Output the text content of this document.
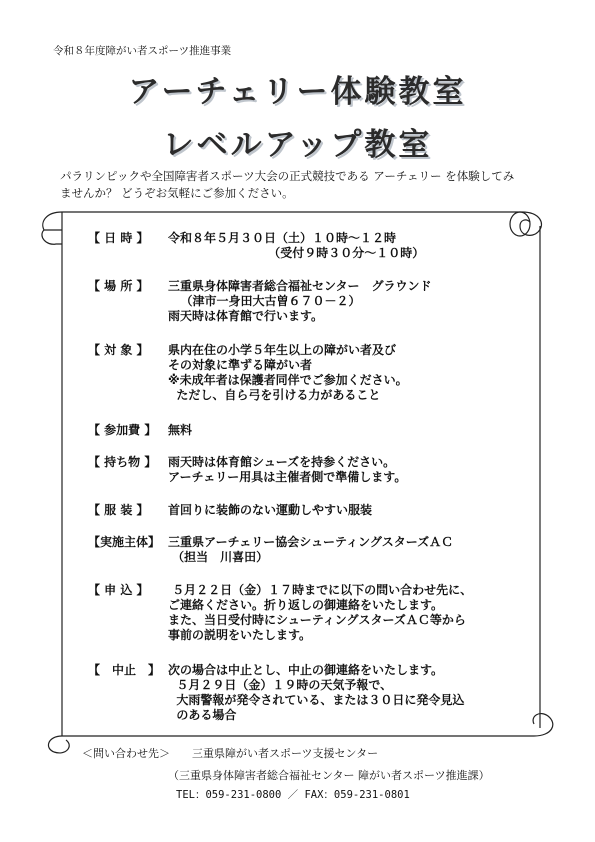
令和８年度障がい者スポーツ推進事業
アーチェリー体験教室
レベルアップ教室
パラリンピックや全国障害者スポーツ大会の正式競技である アーチェリー を体験してみ
ませんか？ どうぞお気軽にご参加ください。
【 日 時 】	令和８年５月３０日（土）１０時～１２時
（受付９時３０分～１０時）
【 場 所 】	三重県身体障害者総合福祉センター　グラウンド
（津市一身田大古曽６７０－２）
雨天時は体育館で行います。
【 対 象 】	県内在住の小学５年生以上の障がい者及び
その対象に準ずる障がい者
※未成年者は保護者同伴でご参加ください。
ただし、自ら弓を引ける力があること
【 参加費 】 無料
【 持ち物 】 雨天時は体育館シューズを持参ください。
アーチェリー用具は主催者側で準備します。
【 服 装 】	首回りに装飾のない運動しやすい服装
【実施主体】 三重県アーチェリー協会シューティングスターズＡＣ
（担当　川喜田）
【 申 込 】	５月２２日（金）１７時までに以下の問い合わせ先に、
ご連絡ください。折り返しの御連絡をいたします。
また、当日受付時にシューティングスターズＡＣ等から
事前の説明をいたします。
【　中止　】 次の場合は中止とし、中止の御連絡をいたします。
５月２９日（金）１９時の天気予報で、
大雨警報が発令されている、または３０日に発令見込
のある場合
＜問い合わせ先＞　　三重県障がい者スポーツ支援センター
（三重県身体障害者総合福祉センター 障がい者スポーツ推進課）
TEL：059-231-0800 ／ FAX：059-231-0801
